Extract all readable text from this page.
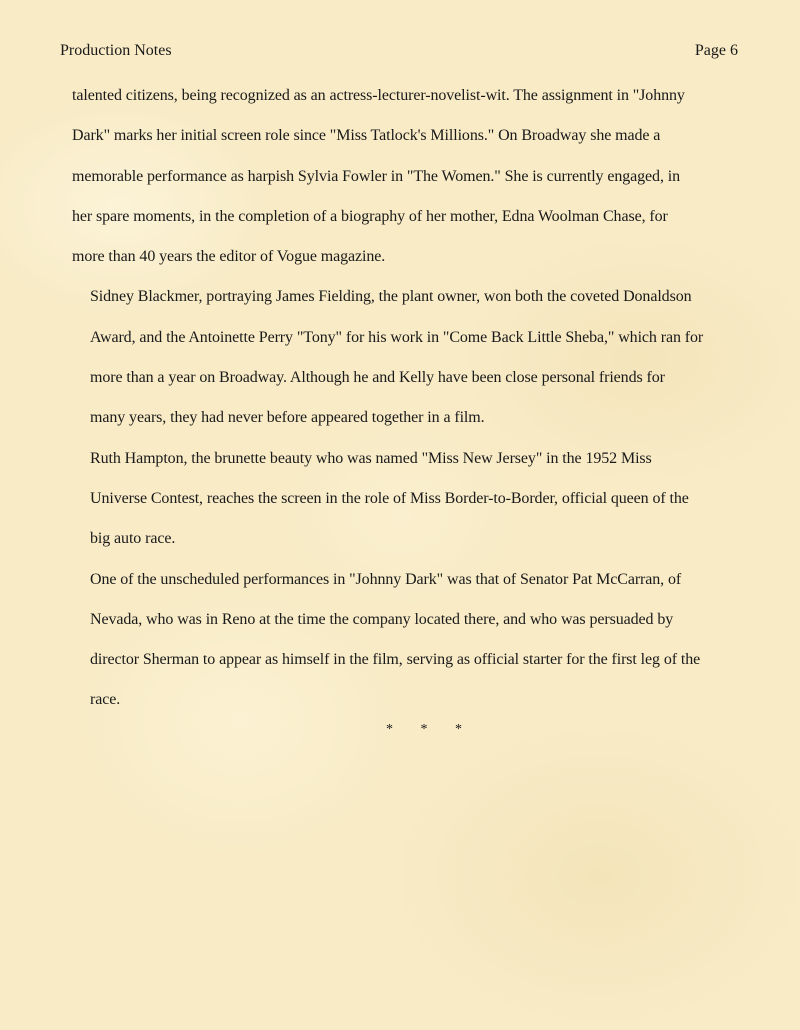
Production Notes	Page 6
talented citizens, being recognized as an actress-lecturer-novelist-wit. The assignment in "Johnny
Dark" marks her initial screen role since "Miss Tatlock's Millions." On Broadway she made a
memorable performance as harpish Sylvia Fowler in "The Women." She is currently engaged, in
her spare moments, in the completion of a biography of her mother, Edna Woolman Chase, for
more than 40 years the editor of Vogue magazine.
Sidney Blackmer, portraying James Fielding, the plant owner, won both the coveted Donaldson
Award, and the Antoinette Perry "Tony" for his work in "Come Back Little Sheba," which ran for
more than a year on Broadway. Although he and Kelly have been close personal friends for
many years, they had never before appeared together in a film.
Ruth Hampton, the brunette beauty who was named "Miss New Jersey" in the 1952 Miss
Universe Contest, reaches the screen in the role of Miss Border-to-Border, official queen of the
big auto race.
One of the unscheduled performances in "Johnny Dark" was that of Senator Pat McCarran, of
Nevada, who was in Reno at the time the company located there, and who was persuaded by
director Sherman to appear as himself in the film, serving as official starter for the first leg of the
race.
* * *
